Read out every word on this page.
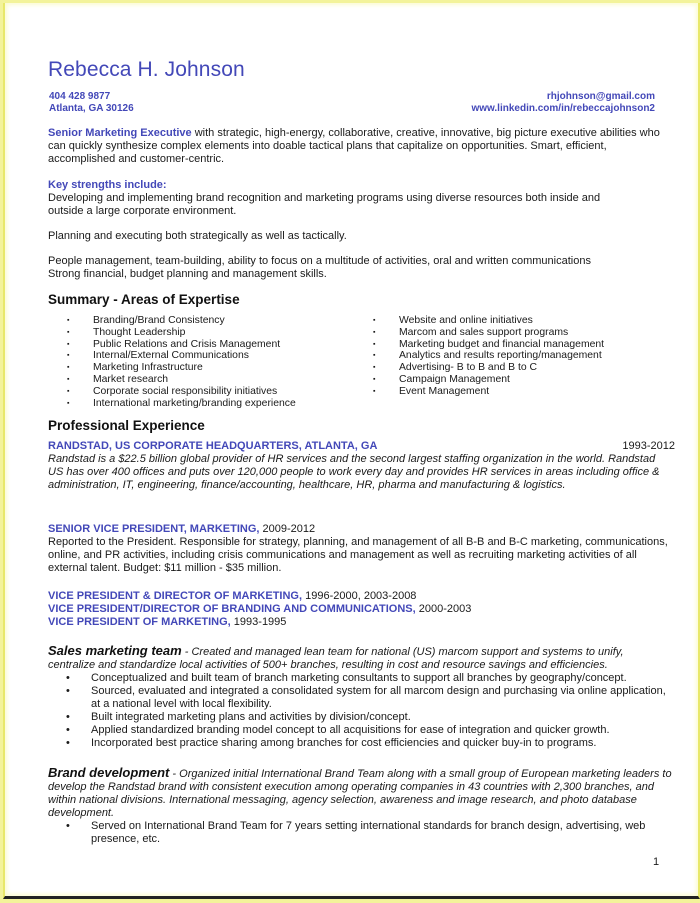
Rebecca H. Johnson
404 428 9877
Atlanta, GA 30126
rhjohnson@gmail.com
www.linkedin.com/in/rebeccajohnson2

Senior Marketing Executive with strategic, high-energy, collaborative, creative, innovative, big picture executive abilities who can quickly synthesize complex elements into doable tactical plans that capitalize on opportunities. Smart, efficient, accomplished and customer-centric.

Key strengths include:

Developing and implementing brand recognition and marketing programs using diverse resources both inside and outside a large corporate environment.

Planning and executing both strategically as well as tactically.

People management, team-building, ability to focus on a multitude of activities, oral and written communications

Strong financial, budget planning and management skills.

Summary - Areas of Expertise
▪ Branding/Brand Consistency
▪ Thought Leadership
▪ Public Relations and Crisis Management
▪ Internal/External Communications
▪ Marketing Infrastructure
▪ Market research
▪ Corporate social responsibility initiatives
▪ International marketing/branding experience
▪ Website and online initiatives
▪ Marcom and sales support programs
▪ Marketing budget and financial management
▪ Analytics and results reporting/management
▪ Advertising- B to B and B to C
▪ Campaign Management
▪ Event Management
Professional Experience

RANDSTAD, US CORPORATE HEADQUARTERS, ATLANTA, GA	1993-2012

Randstad is a $22.5 billion global provider of HR services and the second largest staffing organization in the world. Randstad US has over 400 offices and puts over 120,000 people to work every day and provides HR services in areas including office & administration, IT, engineering, finance/accounting, healthcare, HR, pharma and manufacturing & logistics.

SENIOR VICE PRESIDENT, MARKETING, 2009-2012

Reported to the President. Responsible for strategy, planning, and management of all B-B and B-C marketing, communications, online, and PR activities, including crisis communications and management as well as recruiting marketing activities of all external talent. Budget: $11 million - $35 million.

VICE PRESIDENT & DIRECTOR OF MARKETING, 1996-2000, 2003-2008

VICE PRESIDENT/DIRECTOR OF BRANDING AND COMMUNICATIONS, 2000-2003

VICE PRESIDENT OF MARKETING, 1993-1995

Sales marketing team - Created and managed lean team for national (US) marcom support and systems to unify, centralize and standardize local activities of 500+ branches, resulting in cost and resource savings and efficiencies.

• Conceptualized and built team of branch marketing consultants to support all branches by geography/concept.
• Sourced, evaluated and integrated a consolidated system for all marcom design and purchasing via online application, at a national level with local flexibility.
• Built integrated marketing plans and activities by division/concept.
• Applied standardized branding model concept to all acquisitions for ease of integration and quicker growth.
• Incorporated best practice sharing among branches for cost efficiencies and quicker buy-in to programs.

Brand development - Organized initial International Brand Team along with a small group of European marketing leaders to develop the Randstad brand with consistent execution among operating companies in 43 countries with 2,300 branches, and within national divisions. International messaging, agency selection, awareness and image research, and photo database development.

• Served on International Brand Team for 7 years setting international standards for branch design, advertising, web presence, etc.
1
